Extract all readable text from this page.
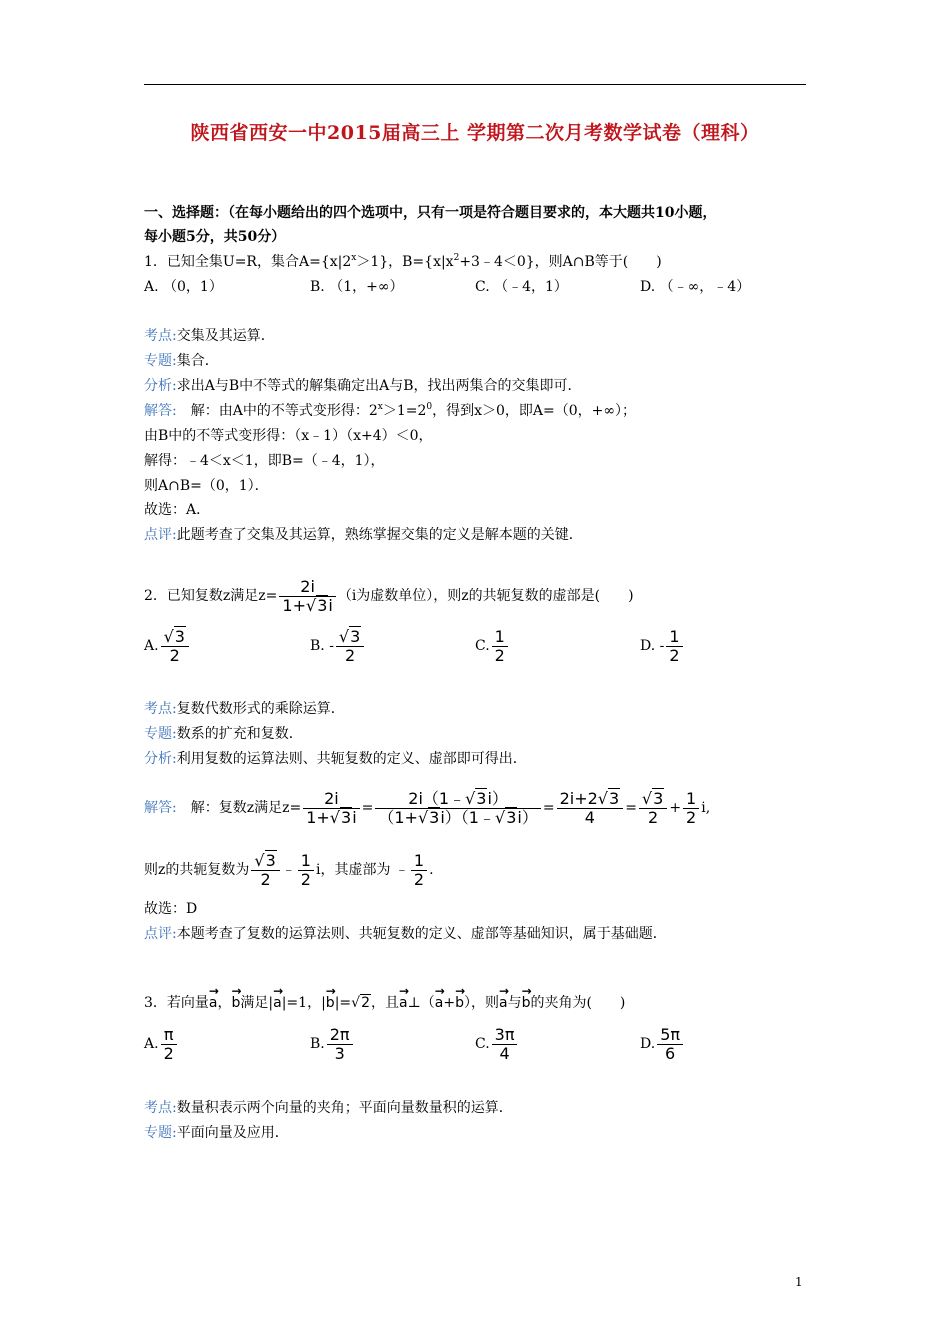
陕西省西安一中2015届高三上 学期第二次月考数学试卷（理科）
一、选择题：（在每小题给出的四个选项中，只有一项是符合题目要求的，本大题共10小题，
每小题5分，共50分）
1．已知全集U=R，集合$A=\{x|2^x>1\}$，$B=\{x|x^2+3﹣4<0\}$，则A∩B等于(　　)
A. （0，1）	B. （1，+∞）	C. （﹣4，1）	D. （﹣∞，﹣4）
考点:交集及其运算．
专题:集合．
分析:求出A与B中不等式的解集确定出A与B，找出两集合的交集即可．
解答:　解：由A中的不等式变形得：$2^x>1=2^0$，得到x＞0，即A=（0，+∞）；
由B中的不等式变形得：（x﹣1）（x+4）＜0，
解得：﹣4＜x＜1，即B=（﹣4，1），
则A∩B=（0，1）．
故选：A．
点评:此题考查了交集及其运算，熟练掌握交集的定义是解本题的关键．
2．已知复数z满足$z= \frac{2i}{1+√3i} (i$为虚数单位），则z的共轭复数的虚部是(　　)
A. $\frac{√3}{2}$	B. - $\frac{√3}{2}$	C. $\frac{1}{2}$	D. - $\frac{1}{2}$
考点:复数代数形式的乘除运算．
专题:数系的扩充和复数．
分析:利用复数的运算法则、共轭复数的定义、虚部即可得出．
解答:　解：复数z满足$z= \frac{2i}{1+√3i} = \frac{2i(1﹣√3i)}{(1+√3i)(1﹣√3i)} = \frac{2i+2√3}{4} = \frac{√3}{2} + \frac{1}{2} i$,
则z的共轭复数为 $\frac{√3}{2}$ ﹣ $\frac{1}{2}$ i，其虚部为 ﹣ $\frac{1}{2}$ .
故选：D
点评:本题考查了复数的运算法则、共轭复数的定义、虚部等基础知识，属于基础题．
3．若向量→ a，→ b满足|→ a|=1，|→ b|=√2，且→ a⊥（→ a+→ b），则→ a与→ b的夹角为(　　)
A. $\frac{\pi}{2}$	B. $\frac{2\pi}{3}$	C. $\frac{3\pi}{4}$	D. $\frac{5\pi}{6}$
考点:数量积表示两个向量的夹角；平面向量数量积的运算．
专题:平面向量及应用．
1
